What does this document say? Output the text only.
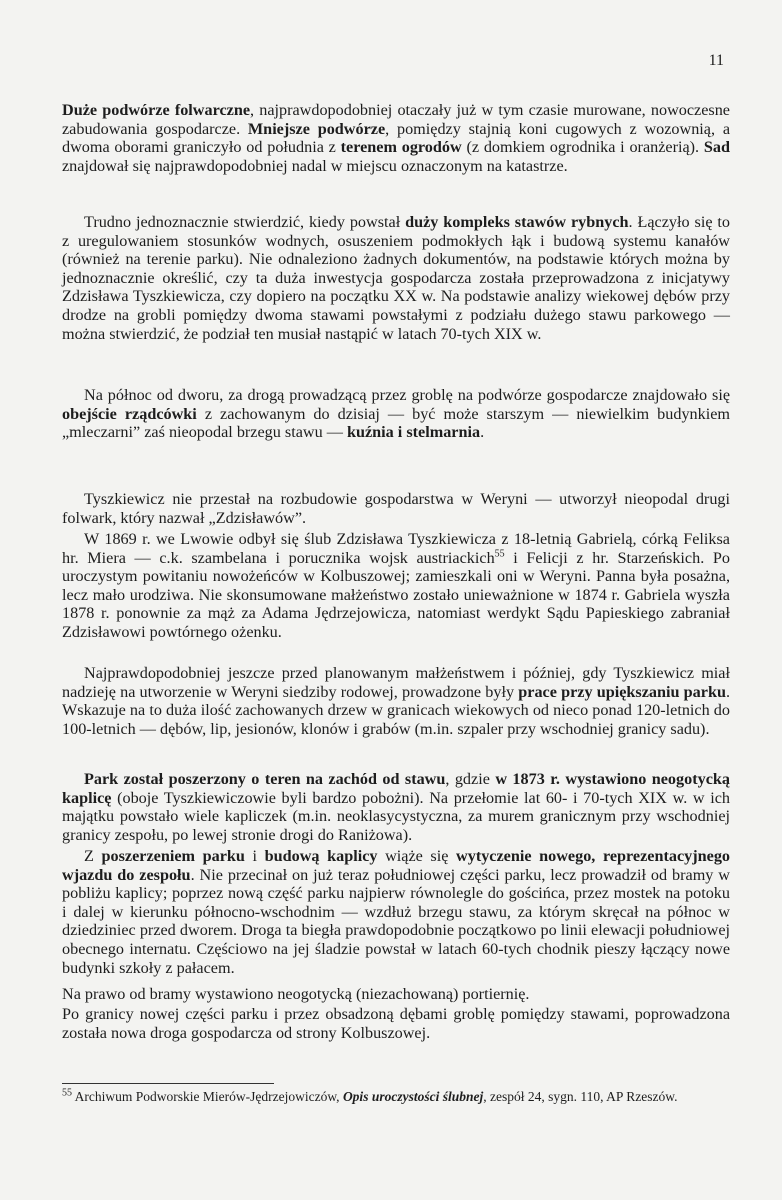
11

Duże podwórze folwarczne, najprawdopodobniej otaczały już w tym czasie murowane, nowoczesne zabudowania gospodarcze. Mniejsze podwórze, pomiędzy stajnią koni cugowych z wozownią, a dwoma oborami graniczyło od południa z terenem ogrodów (z domkiem ogrodnika i oranżerią). Sad znajdował się najprawdopodobniej nadal w miejscu oznaczonym na katastrze.

Trudno jednoznacznie stwierdzić, kiedy powstał duży kompleks stawów rybnych. Łączyło się to z uregulowaniem stosunków wodnych, osuszeniem podmokłych łąk i budową systemu kanałów (również na terenie parku). Nie odnaleziono żadnych dokumentów, na podstawie których można by jednoznacznie określić, czy ta duża inwestycja gospodarcza została przeprowadzona z inicjatywy Zdzisława Tyszkiewicza, czy dopiero na początku XX w. Na podstawie analizy wiekowej dębów przy drodze na grobli pomiędzy dwoma stawami powstałymi z podziału dużego stawu parkowego — można stwierdzić, że podział ten musiał nastąpić w latach 70-tych XIX w.

Na północ od dworu, za drogą prowadzącą przez groblę na podwórze gospodarcze znajdowało się obejście rządcówki z zachowanym do dzisiaj — być może starszym — niewielkim budynkiem „mleczarni” zaś nieopodal brzegu stawu — kuźnia i stelmarnia.

Tyszkiewicz nie przestał na rozbudowie gospodarstwa w Weryni — utworzył nieopodal drugi folwark, który nazwał „Zdzisławów”.

W 1869 r. we Lwowie odbył się ślub Zdzisława Tyszkiewicza z 18-letnią Gabrielą, córką Feliksa hr. Miera — c.k. szambelana i porucznika wojsk austriackich$^{55}$ i Felicji z hr. Starzeńskich. Po uroczystym powitaniu nowożeńców w Kolbuszowej; zamieszkali oni w Weryni. Panna była posażna, lecz mało urodziwa. Nie skonsumowane małżeństwo zostało unieważnione w 1874 r. Gabriela wyszła 1878 r. ponownie za mąż za Adama Jędrzejowicza, natomiast werdykt Sądu Papieskiego zabraniał Zdzisławowi powtórnego ożenku.

Najprawdopodobniej jeszcze przed planowanym małżeństwem i później, gdy Tyszkiewicz miał nadzieję na utworzenie w Weryni siedziby rodowej, prowadzone były prace przy upiększaniu parku. Wskazuje na to duża ilość zachowanych drzew w granicach wiekowych od nieco ponad 120-letnich do 100-letnich — dębów, lip, jesionów, klonów i grabów (m.in. szpaler przy wschodniej granicy sadu).

Park został poszerzony o teren na zachód od stawu, gdzie w 1873 r. wystawiono neogotycką kaplicę (oboje Tyszkiewiczowie byli bardzo pobożni). Na przełomie lat 60- i 70-tych XIX w. w ich majątku powstało wiele kapliczek (m.in. neoklasycystyczna, za murem granicznym przy wschodniej granicy zespołu, po lewej stronie drogi do Raniżowa).

Z poszerzeniem parku i budową kaplicy wiąże się wytyczenie nowego, reprezentacyjnego wjazdu do zespołu. Nie przecinał on już teraz południowej części parku, lecz prowadził od bramy w pobliżu kaplicy; poprzez nową część parku najpierw równolegle do gościńca, przez mostek na potoku i dalej w kierunku północno-wschodnim — wzdłuż brzegu stawu, za którym skręcał na północ w dziedziniec przed dworem. Droga ta biegła prawdopodobnie początkowo po linii elewacji południowej obecnego internatu. Częściowo na jej śladzie powstał w latach 60-tych chodnik pieszy łączący nowe budynki szkoły z pałacem.

Na prawo od bramy wystawiono neogotycką (niezachowaną) portiernię.

Po granicy nowej części parku i przez obsadzoną dębami groblę pomiędzy stawami, poprowadzona została nowa droga gospodarcza od strony Kolbuszowej.

$^{55}$ Archiwum Podworskie Mierów-Jędrzejowiczów, Opis uroczystości ślubnej, zespół 24, sygn. 110, AP Rzeszów.
